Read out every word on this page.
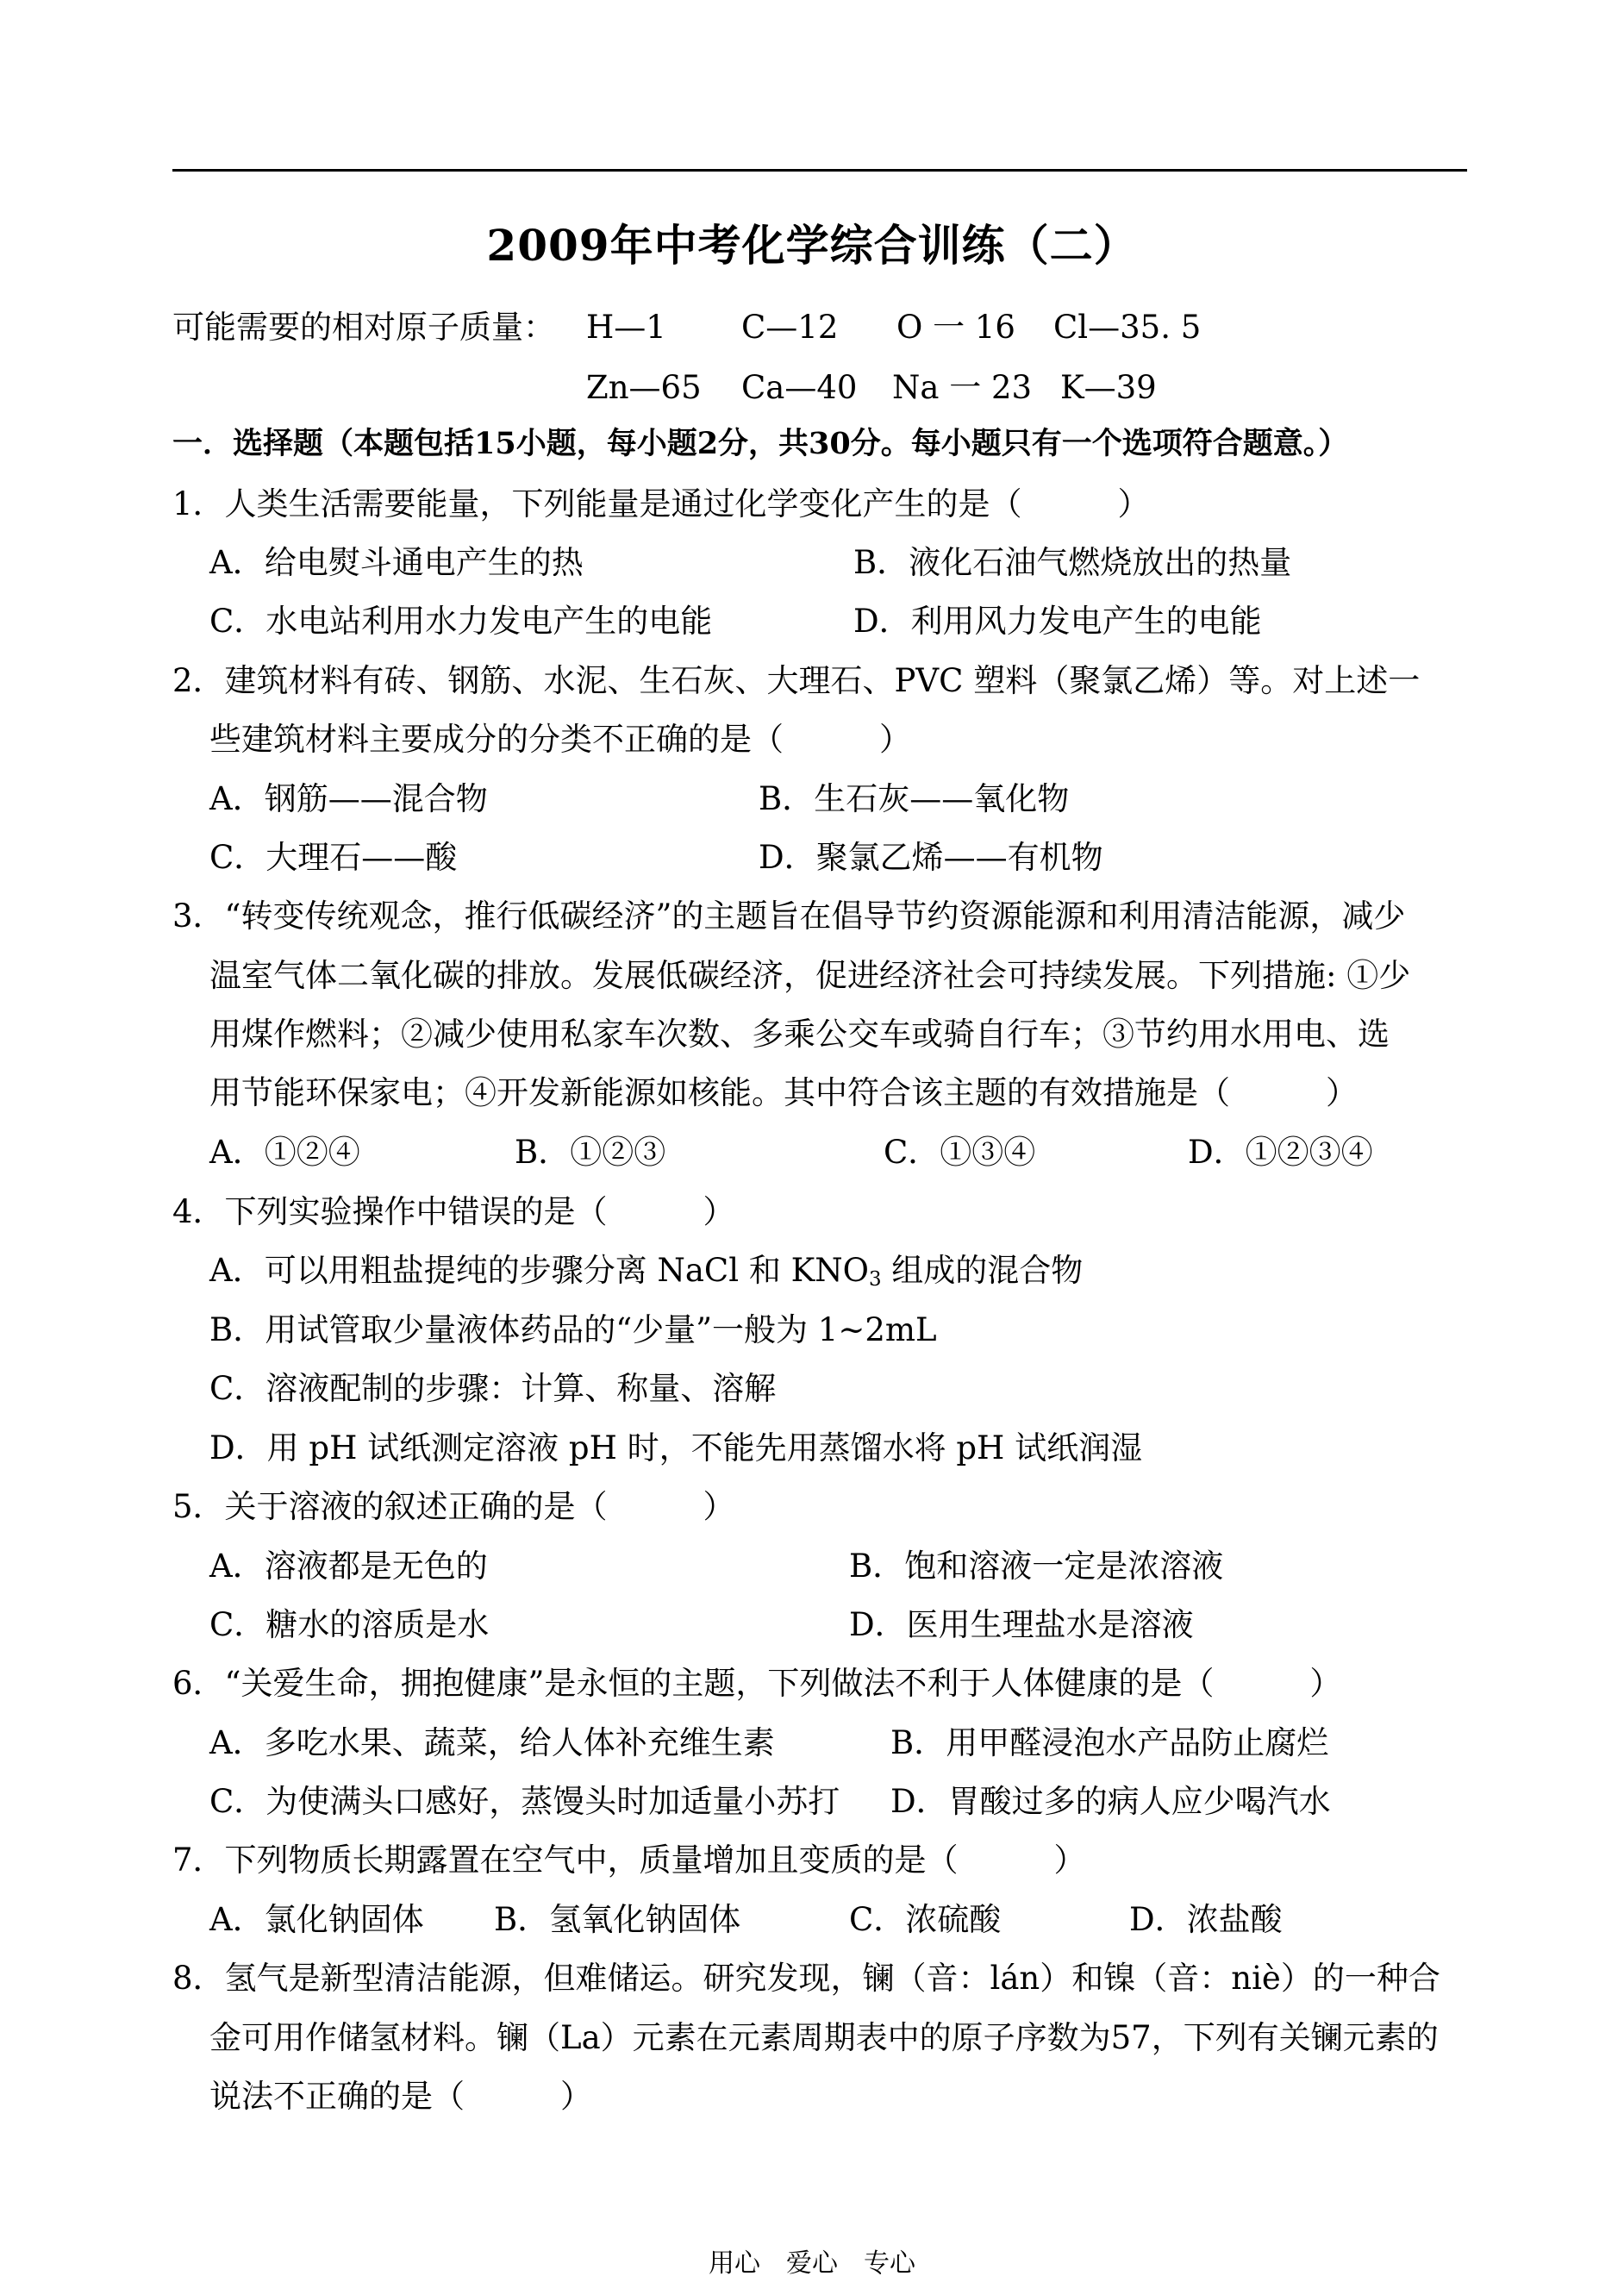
2009年中考化学综合训练（二）
可能需要的相对原子质量： H—1 C—12 O 一 16 Cl—35. 5
Zn—65 Ca—40 Na 一 23 K—39
一．选择题（本题包括15小题，每小题2分，共30分。每小题只有一个选项符合题意。）
1．人类生活需要能量，下列能量是通过化学变化产生的是（　　　）
A．给电熨斗通电产生的热	B．液化石油气燃烧放出的热量
C．水电站利用水力发电产生的电能	D．利用风力发电产生的电能
2．建筑材料有砖、钢筋、水泥、生石灰、大理石、PVC 塑料（聚氯乙烯）等。对上述一
些建筑材料主要成分的分类不正确的是（　　　）
A．钢筋——混合物	B．生石灰——氧化物
C．大理石——酸	D．聚氯乙烯——有机物
3．“转变传统观念，推行低碳经济”的主题旨在倡导节约资源能源和利用清洁能源，减少
温室气体二氧化碳的排放。发展低碳经济，促进经济社会可持续发展。下列措施: ①少
用煤作燃料；②减少使用私家车次数、多乘公交车或骑自行车；③节约用水用电、选
用节能环保家电；④开发新能源如核能。其中符合该主题的有效措施是（　　　）
A．①②④	B．①②③	C．①③④	D．①②③④
4．下列实验操作中错误的是（　　　）
A．可以用粗盐提纯的步骤分离 NaCl 和 $KNO_3$ 组成的混合物
B．用试管取少量液体药品的“少量”一般为 1~2mL
C．溶液配制的步骤：计算、称量、溶解
D．用 pH 试纸测定溶液 pH 时，不能先用蒸馏水将 pH 试纸润湿
5．关于溶液的叙述正确的是（　　　）
A．溶液都是无色的	B．饱和溶液一定是浓溶液
C．糖水的溶质是水	D．医用生理盐水是溶液
6．“关爱生命，拥抱健康”是永恒的主题，下列做法不利于人体健康的是（　　　）
A．多吃水果、蔬菜，给人体补充维生素	B．用甲醛浸泡水产品防止腐烂
C．为使满头口感好，蒸馒头时加适量小苏打 D．胃酸过多的病人应少喝汽水
7．下列物质长期露置在空气中，质量增加且变质的是（　　　）
A．氯化钠固体 B．氢氧化钠固体	C．浓硫酸	D．浓盐酸
8．氢气是新型清洁能源，但难储运。研究发现，镧（音：lán）和镍（音：niè）的一种合
金可用作储氢材料。镧（La）元素在元素周期表中的原子序数为57，下列有关镧元素的
说法不正确的是（　　　）
用心　爱心　专心
